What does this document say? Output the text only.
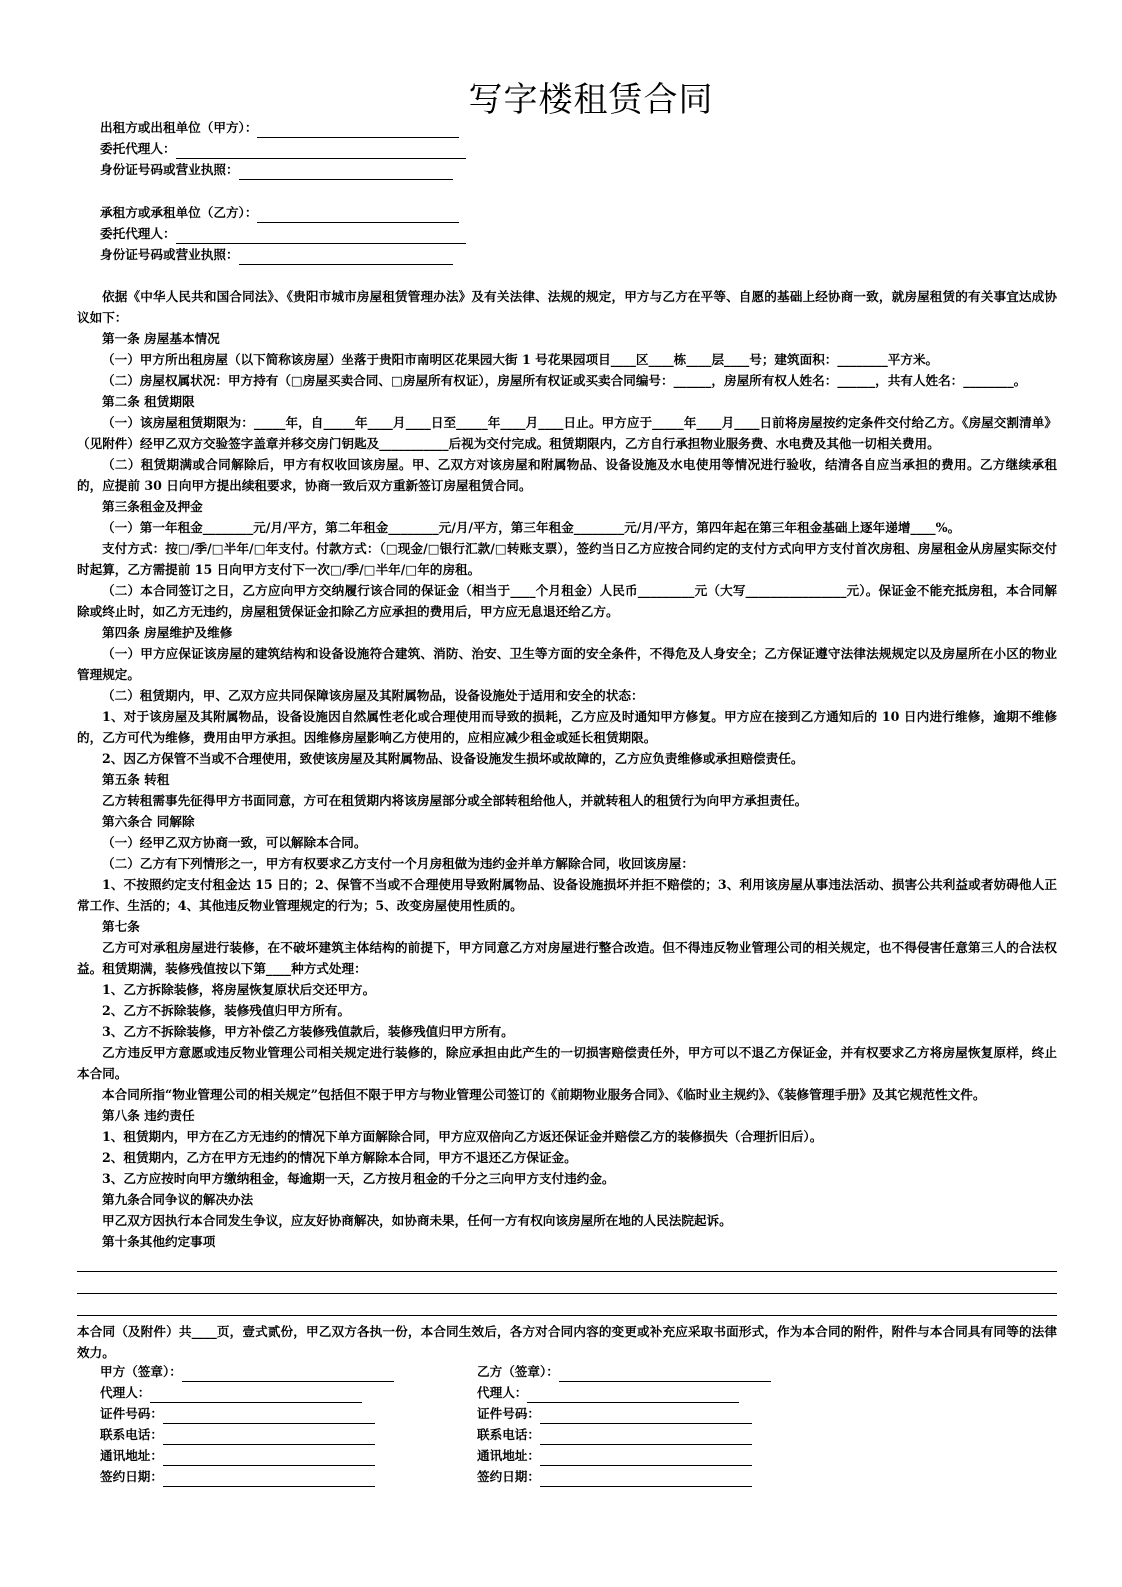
写字楼租赁合同
出租方或出租单位（甲方）：
委托代理人：
身份证号码或营业执照：
承租方或承租单位（乙方）：
委托代理人：
身份证号码或营业执照：

依据《中华人民共和国合同法》、《贵阳市城市房屋租赁管理办法》及有关法律、法规的规定，甲方与乙方在平等、自愿的基础上经协商一致，就房屋租赁的有关事宜达成协议如下：

第一条 房屋基本情况

（一）甲方所出租房屋（以下简称该房屋）坐落于贵阳市南明区花果园大街 1 号花果园项目____区____栋____层____号；建筑面积：________平方米。

（二）房屋权属状况：甲方持有（□房屋买卖合同、□房屋所有权证），房屋所有权证或买卖合同编号：______，房屋所有权人姓名：______，共有人姓名：________。

第二条 租赁期限

（一）该房屋租赁期限为：_____年，自_____年____月____日至_____年____月____日止。甲方应于_____年____月____日前将房屋按约定条件交付给乙方。《房屋交割清单》（见附件）经甲乙双方交验签字盖章并移交房门钥匙及___________后视为交付完成。租赁期限内，乙方自行承担物业服务费、水电费及其他一切相关费用。

（二）租赁期满或合同解除后，甲方有权收回该房屋。甲、乙双方对该房屋和附属物品、设备设施及水电使用等情况进行验收，结清各自应当承担的费用。乙方继续承租的，应提前 30 日向甲方提出续租要求，协商一致后双方重新签订房屋租赁合同。

第三条租金及押金

（一）第一年租金________元/月/平方，第二年租金________元/月/平方，第三年租金________元/月/平方，第四年起在第三年租金基础上逐年递增____%。

支付方式：按□/季/□半年/□年支付。付款方式：（□现金/□银行汇款/□转账支票），签约当日乙方应按合同约定的支付方式向甲方支付首次房租、房屋租金从房屋实际交付时起算，乙方需提前 15 日向甲方支付下一次□/季/□半年/□年的房租。

（二）本合同签订之日，乙方应向甲方交纳履行该合同的保证金（相当于____个月租金）人民币_________元（大写________________元）。保证金不能充抵房租，本合同解除或终止时，如乙方无违约，房屋租赁保证金扣除乙方应承担的费用后，甲方应无息退还给乙方。

第四条 房屋维护及维修

（一）甲方应保证该房屋的建筑结构和设备设施符合建筑、消防、治安、卫生等方面的安全条件，不得危及人身安全；乙方保证遵守法律法规规定以及房屋所在小区的物业管理规定。

（二）租赁期内，甲、乙双方应共同保障该房屋及其附属物品，设备设施处于适用和安全的状态：

1、对于该房屋及其附属物品，设备设施因自然属性老化或合理使用而导致的损耗，乙方应及时通知甲方修复。甲方应在接到乙方通知后的 10 日内进行维修，逾期不维修的，乙方可代为维修，费用由甲方承担。因维修房屋影响乙方使用的，应相应减少租金或延长租赁期限。

2、因乙方保管不当或不合理使用，致使该房屋及其附属物品、设备设施发生损坏或故障的，乙方应负责维修或承担赔偿责任。

第五条 转租

乙方转租需事先征得甲方书面同意，方可在租赁期内将该房屋部分或全部转租给他人，并就转租人的租赁行为向甲方承担责任。

第六条合 同解除

（一）经甲乙双方协商一致，可以解除本合同。

（二）乙方有下列情形之一，甲方有权要求乙方支付一个月房租做为违约金并单方解除合同，收回该房屋：

1、不按照约定支付租金达 15 日的；2、保管不当或不合理使用导致附属物品、设备设施损坏并拒不赔偿的；3、利用该房屋从事违法活动、损害公共利益或者妨碍他人正常工作、生活的；4、其他违反物业管理规定的行为；5、改变房屋使用性质的。

第七条

乙方可对承租房屋进行装修，在不破坏建筑主体结构的前提下，甲方同意乙方对房屋进行整合改造。但不得违反物业管理公司的相关规定，也不得侵害任意第三人的合法权益。租赁期满，装修残值按以下第____种方式处理：

1、乙方拆除装修，将房屋恢复原状后交还甲方。

2、乙方不拆除装修，装修残值归甲方所有。

3、乙方不拆除装修，甲方补偿乙方装修残值款后，装修残值归甲方所有。

乙方违反甲方意愿或违反物业管理公司相关规定进行装修的，除应承担由此产生的一切损害赔偿责任外，甲方可以不退乙方保证金，并有权要求乙方将房屋恢复原样，终止本合同。

本合同所指“物业管理公司的相关规定”包括但不限于甲方与物业管理公司签订的《前期物业服务合同》、《临时业主规约》、《装修管理手册》及其它规范性文件。

第八条 违约责任

1、租赁期内，甲方在乙方无违约的情况下单方面解除合同，甲方应双倍向乙方返还保证金并赔偿乙方的装修损失（合理折旧后）。

2、租赁期内，乙方在甲方无违约的情况下单方解除本合同，甲方不退还乙方保证金。

3、乙方应按时向甲方缴纳租金，每逾期一天，乙方按月租金的千分之三向甲方支付违约金。

第九条合同争议的解决办法

甲乙双方因执行本合同发生争议，应友好协商解决，如协商未果，任何一方有权向该房屋所在地的人民法院起诉。

第十条其他约定事项

本合同（及附件）共____页，壹式贰份，甲乙双方各执一份，本合同生效后，各方对合同内容的变更或补充应采取书面形式，作为本合同的附件，附件与本合同具有同等的法律效力。

甲方（签章）：
代理人：
证件号码：
联系电话：
通讯地址：
签约日期：
乙方（签章）：
代理人：
证件号码：
联系电话：
通讯地址：
签约日期：
